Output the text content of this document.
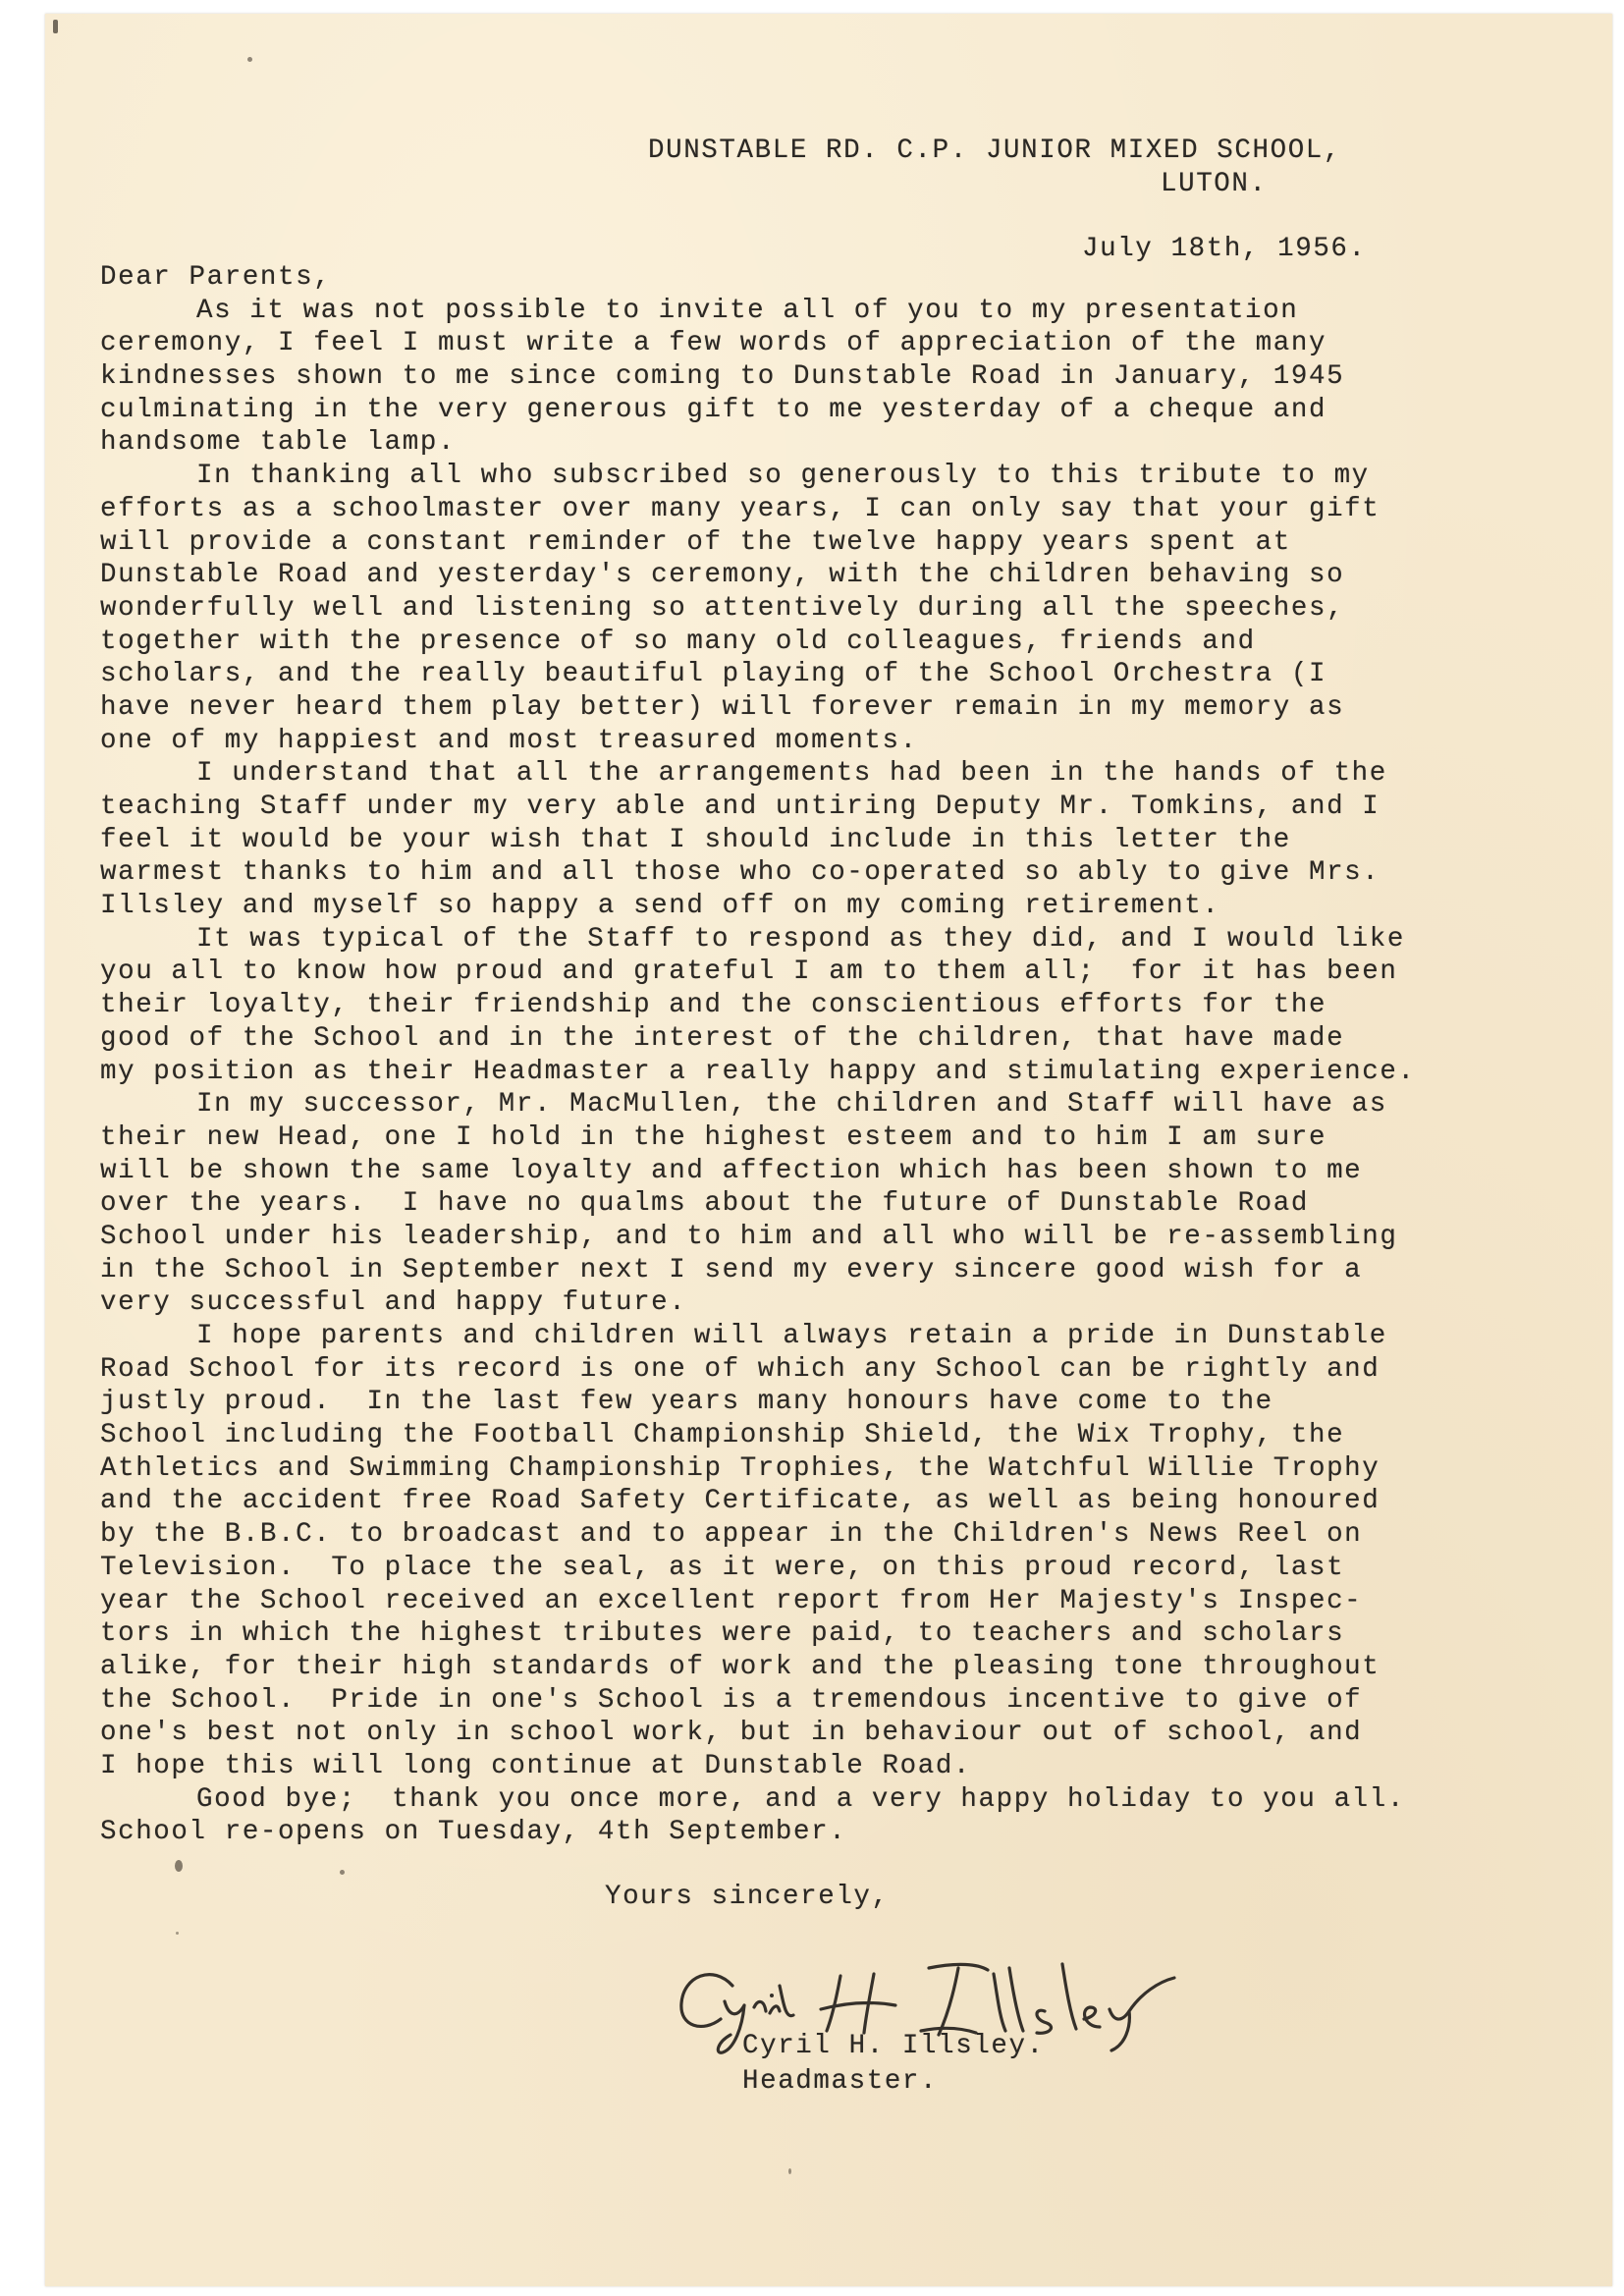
DUNSTABLE RD. C.P. JUNIOR MIXED SCHOOL,
LUTON.
July 18th, 1956.
Dear Parents,
As it was not possible to invite all of you to my presentation
ceremony, I feel I must write a few words of appreciation of the many
kindnesses shown to me since coming to Dunstable Road in January, 1945
culminating in the very generous gift to me yesterday of a cheque and
handsome table lamp.
In thanking all who subscribed so generously to this tribute to my
efforts as a schoolmaster over many years, I can only say that your gift
will provide a constant reminder of the twelve happy years spent at
Dunstable Road and yesterday's ceremony, with the children behaving so
wonderfully well and listening so attentively during all the speeches,
together with the presence of so many old colleagues, friends and
scholars, and the really beautiful playing of the School Orchestra (I
have never heard them play better) will forever remain in my memory as
one of my happiest and most treasured moments.
I understand that all the arrangements had been in the hands of the
teaching Staff under my very able and untiring Deputy Mr. Tomkins, and I
feel it would be your wish that I should include in this letter the
warmest thanks to him and all those who co-operated so ably to give Mrs.
Illsley and myself so happy a send off on my coming retirement.
It was typical of the Staff to respond as they did, and I would like
you all to know how proud and grateful I am to them all;  for it has been
their loyalty, their friendship and the conscientious efforts for the
good of the School and in the interest of the children, that have made
my position as their Headmaster a really happy and stimulating experience.
In my successor, Mr. MacMullen, the children and Staff will have as
their new Head, one I hold in the highest esteem and to him I am sure
will be shown the same loyalty and affection which has been shown to me
over the years.  I have no qualms about the future of Dunstable Road
School under his leadership, and to him and all who will be re-assembling
in the School in September next I send my every sincere good wish for a
very successful and happy future.
I hope parents and children will always retain a pride in Dunstable
Road School for its record is one of which any School can be rightly and
justly proud.  In the last few years many honours have come to the
School including the Football Championship Shield, the Wix Trophy, the
Athletics and Swimming Championship Trophies, the Watchful Willie Trophy
and the accident free Road Safety Certificate, as well as being honoured
by the B.B.C. to broadcast and to appear in the Children's News Reel on
Television.  To place the seal, as it were, on this proud record, last
year the School received an excellent report from Her Majesty's Inspec-
tors in which the highest tributes were paid, to teachers and scholars
alike, for their high standards of work and the pleasing tone throughout
the School.  Pride in one's School is a tremendous incentive to give of
one's best not only in school work, but in behaviour out of school, and
I hope this will long continue at Dunstable Road.
Good bye;  thank you once more, and a very happy holiday to you all.
School re-opens on Tuesday, 4th September.
Yours sincerely,
Cyril H. Illsley.
Headmaster.
